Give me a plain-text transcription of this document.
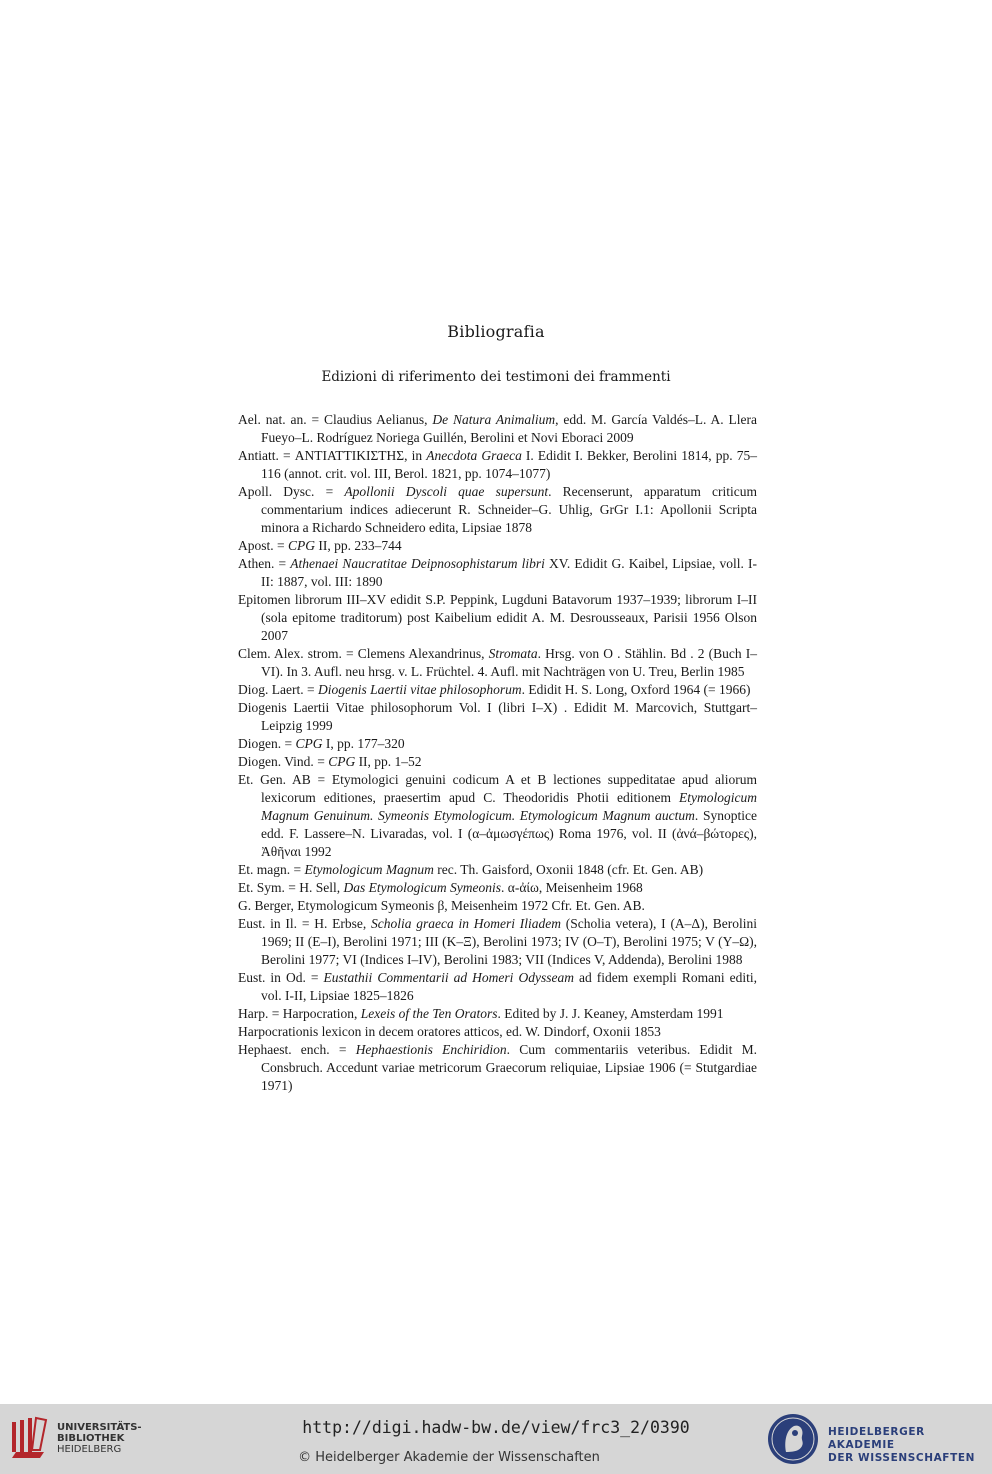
Bibliografia
Edizioni di riferimento dei testimoni dei frammenti
Ael. nat. an. = Claudius Aelianus, De Natura Animalium, edd. M. García Valdés–L. A. Llera Fueyo–L. Rodríguez Noriega Guillén, Berolini et Novi Eboraci 2009
Antiatt. = ΑΝΤΙΑΤΤΙΚΙΣΤΗΣ, in Anecdota Graeca I. Edidit I. Bekker, Berolini 1814, pp. 75–116 (annot. crit. vol. III, Berol. 1821, pp. 1074–1077)
Apoll. Dysc. = Apollonii Dyscoli quae supersunt. Recenserunt, apparatum criticum commentarium indices adiecerunt R. Schneider–G. Uhlig, GrGr I.1: Apollonii Scripta minora a Richardo Schneidero edita, Lipsiae 1878
Apost. = CPG II, pp. 233–744
Athen. = Athenaei Naucratitae Deipnosophistarum libri XV. Edidit G. Kaibel, Lipsiae, voll. I-II: 1887, vol. III: 1890
Epitomen librorum III–XV edidit S.P. Peppink, Lugduni Batavorum 1937–1939; librorum I–II (sola epitome traditorum) post Kaibelium edidit A. M. Desrousseaux, Parisii 1956 Olson 2007
Clem. Alex. strom. = Clemens Alexandrinus, Stromata. Hrsg. von O . Stählin. Bd . 2 (Buch I–VI). In 3. Aufl. neu hrsg. v. L. Früchtel. 4. Aufl. mit Nachträgen von U. Treu, Berlin 1985
Diog. Laert. = Diogenis Laertii vitae philosophorum. Edidit H. S. Long, Oxford 1964 (= 1966)
Diogenis Laertii Vitae philosophorum Vol. I (libri I–X) . Edidit M. Marcovich, Stuttgart–Leipzig 1999
Diogen. = CPG I, pp. 177–320
Diogen. Vind. = CPG II, pp. 1–52
Et. Gen. AB = Etymologici genuini codicum A et B lectiones suppeditatae apud aliorum lexicorum editiones, praesertim apud C. Theodoridis Photii editionem Etymologicum Magnum Genuinum. Symeonis Etymologicum. Etymologicum Magnum auctum. Synoptice edd. F. Lassere–N. Livaradas, vol. I (α–ἀμωσγέπως) Roma 1976, vol. II (ἀνά–βώτορες), Ἀθῆναι 1992
Et. magn. = Etymologicum Magnum rec. Th. Gaisford, Oxonii 1848 (cfr. Et. Gen. AB)
Et. Sym. = H. Sell, Das Etymologicum Symeonis. α-ἀίω, Meisenheim 1968
G. Berger, Etymologicum Symeonis β, Meisenheim 1972 Cfr. Et. Gen. AB.
Eust. in Il. = H. Erbse, Scholia graeca in Homeri Iliadem (Scholia vetera), I (Α–Δ), Berolini 1969; II (Ε–Ι), Berolini 1971; III (Κ–Ξ), Berolini 1973; IV (Ο–Τ), Berolini 1975; V (Υ–Ω), Berolini 1977; VI (Indices I–IV), Berolini 1983; VII (Indices V, Addenda), Berolini 1988
Eust. in Od. = Eustathii Commentarii ad Homeri Odysseam ad fidem exempli Romani editi, vol. I-II, Lipsiae 1825–1826
Harp. = Harpocration, Lexeis of the Ten Orators. Edited by J. J. Keaney, Amsterdam 1991
Harpocrationis lexicon in decem oratores atticos, ed. W. Dindorf, Oxonii 1853
Hephaest. ench. = Hephaestionis Enchiridion. Cum commentariis veteribus. Edidit M. Consbruch. Accedunt variae metricorum Graecorum reliquiae, Lipsiae 1906 (= Stutgardiae 1971)
UNIVERSITÄTS-
BIBLIOTHEK
HEIDELBERG
http://digi.hadw-bw.de/view/frc3_2/0390
© Heidelberger Akademie der Wissenschaften
HEIDELBERGER AKADEMIE
DER WISSENSCHAFTEN
